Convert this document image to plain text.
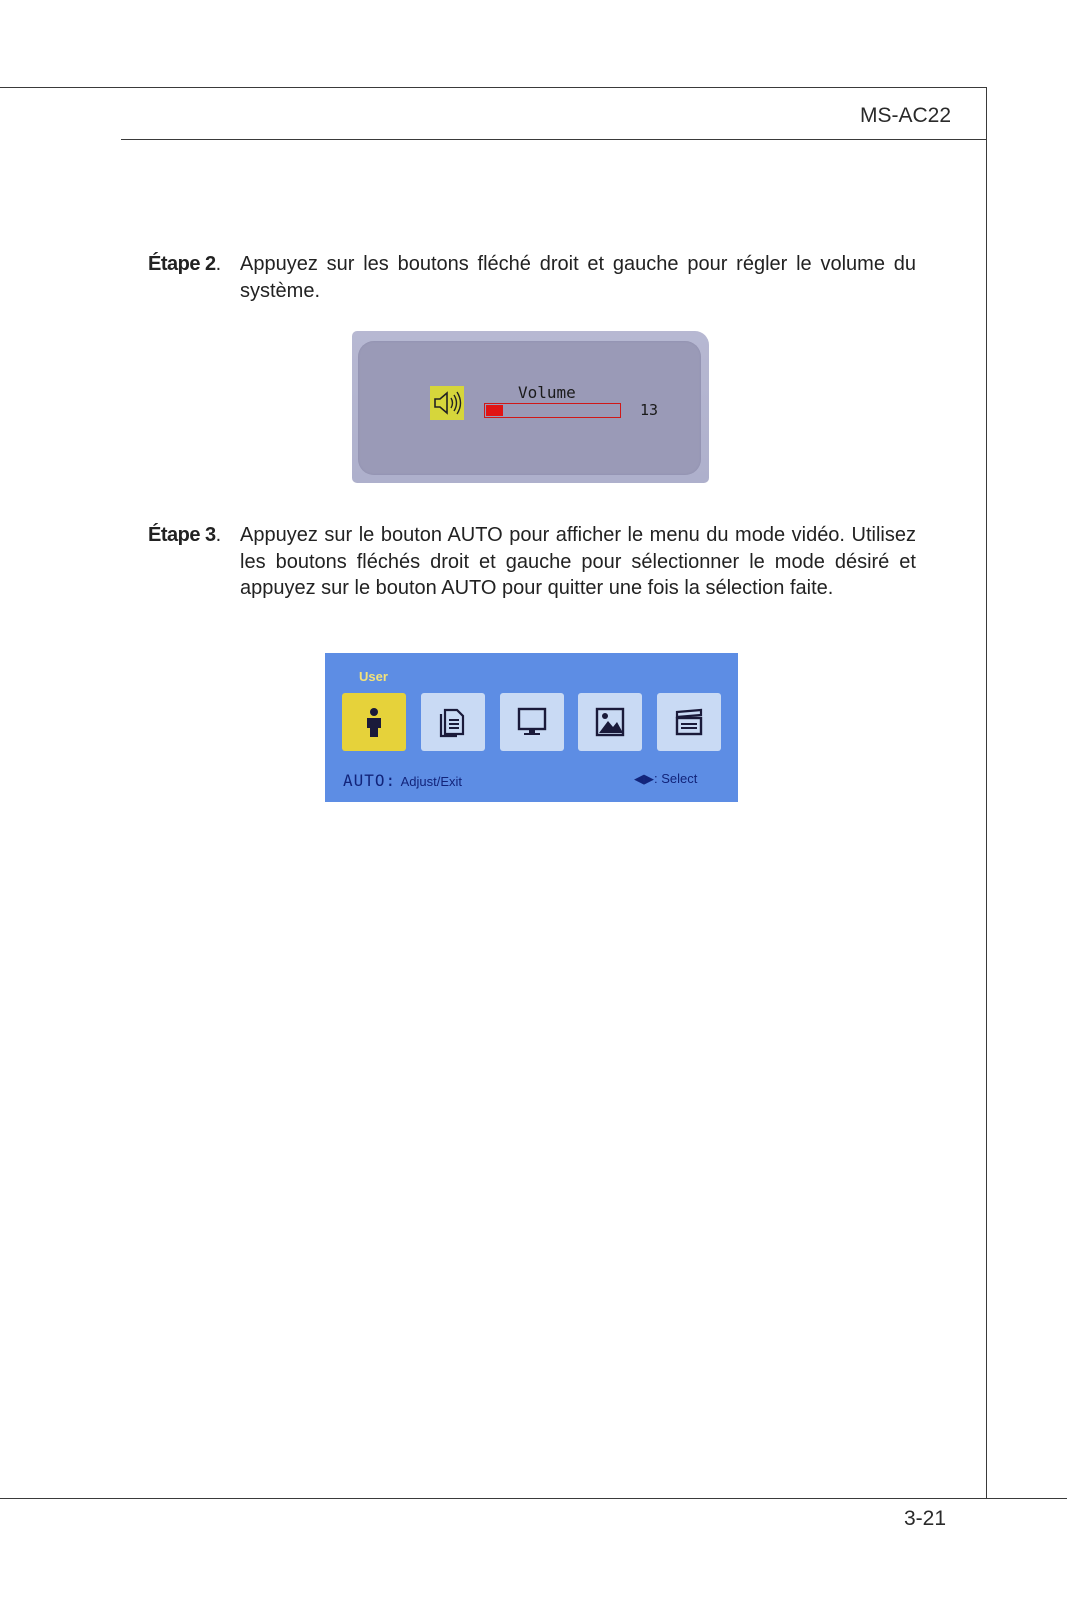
MS-AC22
Étape 2. Appuyez sur les boutons fléché droit et gauche pour régler le volume du système.
Volume
13
Étape 3. Appuyez sur le bouton AUTO pour afficher le menu du mode vidéo. Utilisez les boutons fléchés droit et gauche pour sélectionner le mode désiré et appuyez sur le bouton AUTO pour quitter une fois la sélection faite.
User
AUTO: Adjust/Exit	◀▶: Select
3-21
